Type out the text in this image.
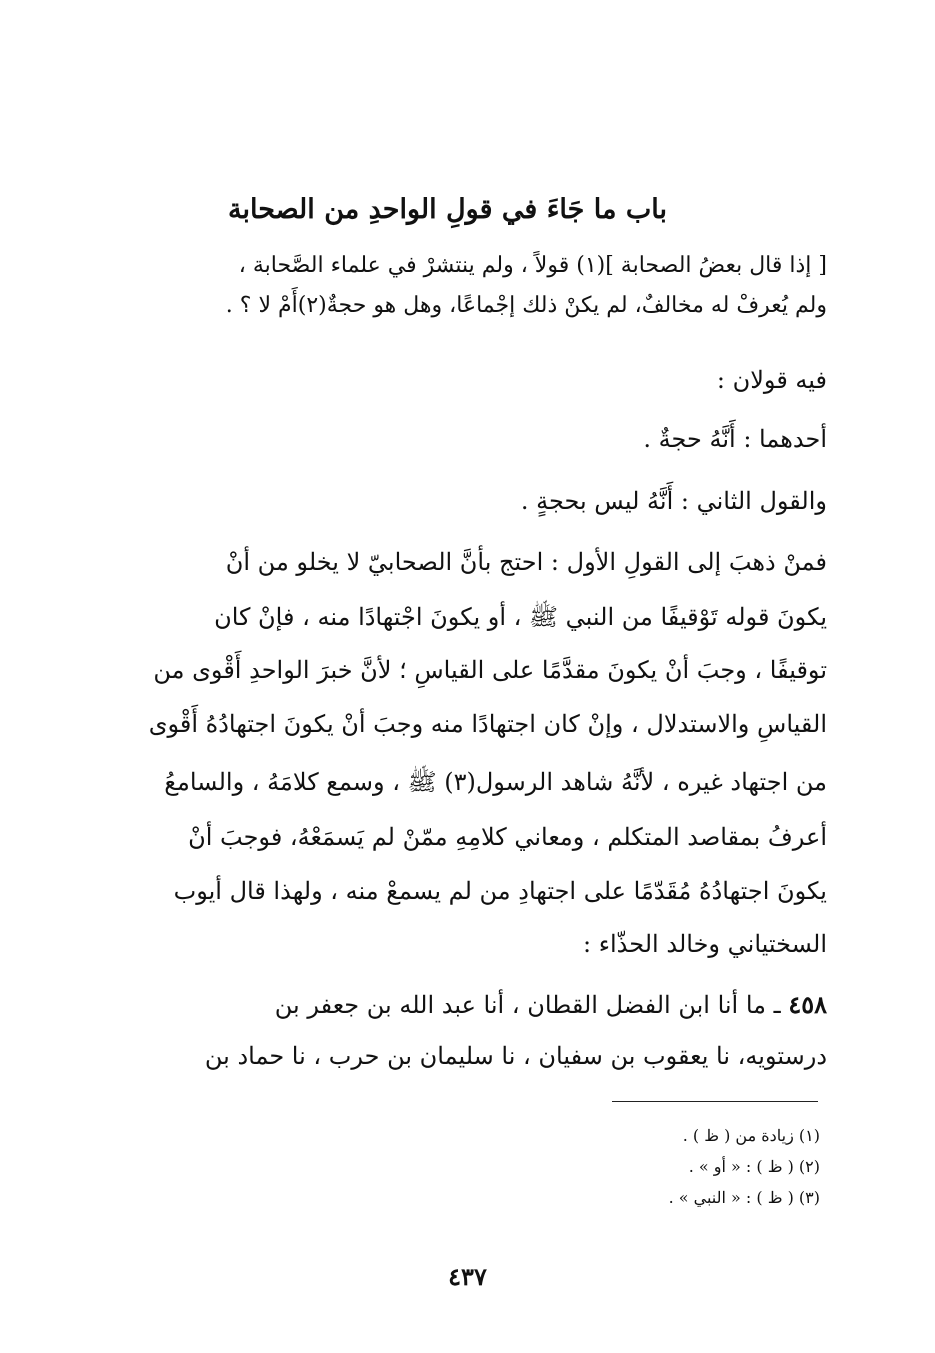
باب ما جَاءَ في قولِ الواحدِ من الصحابة
[ إذا قال بعضُ الصحابة ](١) قولاً ، ولم ينتشرْ في علماء الصَّحابة ،
ولم يُعرفْ له مخالفٌ، لم يكنْ ذلك إجْماعًا، وهل هو حجةٌ(٢)أَمْ لا ؟ .
فيه قولان :
أحدهما : أَنَّهُ حجةٌ .
والقول الثاني : أَنَّهُ ليس بحجةٍ .
فمنْ ذهبَ إلى القولِ الأول : احتج بأنَّ الصحابيّ لا يخلو من أنْ
يكونَ قوله تَوْقيفًا من النبي ﷺ ، أو يكونَ اجْتهادًا منه ، فإنْ كان
توقيفًا ، وجبَ أنْ يكونَ مقدَّمًا على القياسِ ؛ لأنَّ خبرَ الواحدِ أَقْوى من
القياسِ والاستدلال ، وإنْ كان اجتهادًا منه وجبَ أنْ يكونَ اجتهادُهُ أَقْوى
من اجتهاد غيره ، لأنَّهُ شاهد الرسول(٣) ﷺ ، وسمع كلامَهُ ، والسامعُ
أعرفُ بمقاصد المتكلم ، ومعاني كلامِهِ ممّنْ لم يَسمَعْهُ، فوجبَ أنْ
يكونَ اجتهادُهُ مُقَدّمًا على اجتهادِ من لم يسمعْ منه ، ولهذا قال أيوب
السختياني وخالد الحذّاء :
٤٥٨ ـ ما أنا ابن الفضل القطان ، أنا عبد الله بن جعفر بن
درستويه، نا يعقوب بن سفيان ، نا سليمان بن حرب ، نا حماد بن
(١) زيادة من ( ظ ) .
(٢) ( ظ ) : « أو » .
(٣) ( ظ ) : « النبي » .
٤٣٧
